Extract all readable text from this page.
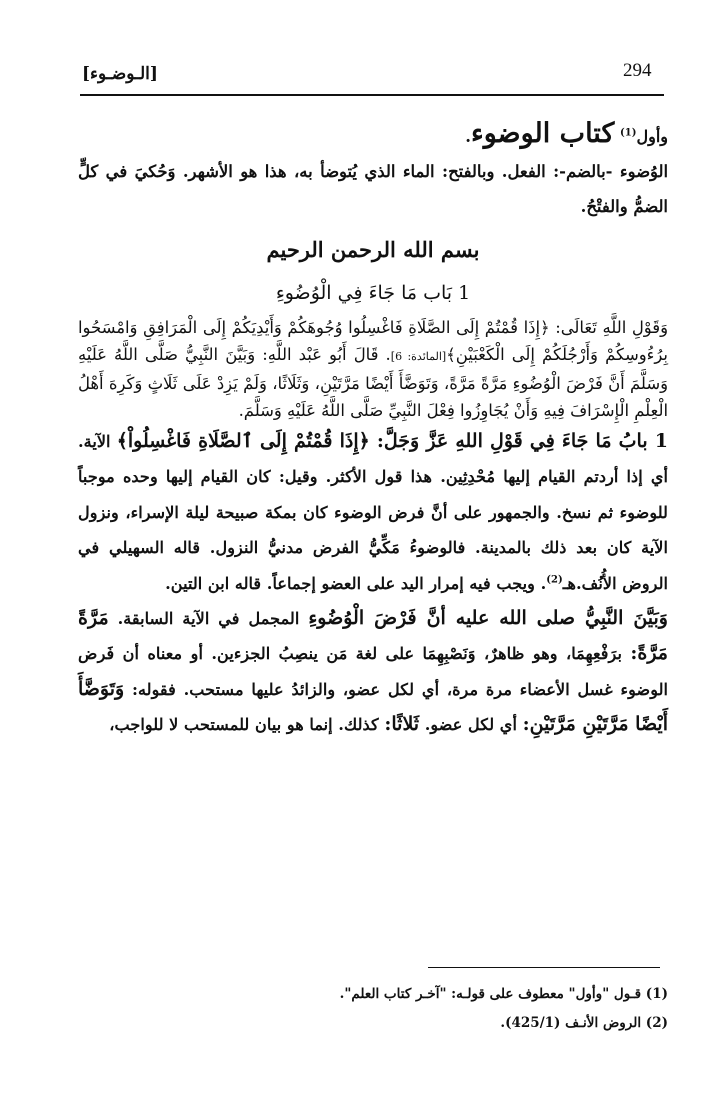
294
[الـوضـوء]

وأول$^{(1)}$ كتاب الوضوء.

الوُضوء -بالضم-: الفعل. وبالفتح: الماء الذي يُتوضأ به، هذا هو الأشهر. وَحُكيَ في كلٍّ الضمُّ والفتْحُ.

بسم الله الرحمن الرحيم

1 بَاب مَا جَاءَ فِي الْوُضُوءِ

وَقَوْلِ اللَّهِ تَعَالَى: ﴿إِذَا قُمْتُمْ إِلَى الصَّلَاةِ فَاغْسِلُوا وُجُوهَكُمْ وَأَيْدِيَكُمْ إِلَى الْمَرَافِقِ وَامْسَحُوا بِرُءُوسِكُمْ وَأَرْجُلَكُمْ إِلَى الْكَعْبَيْنِ﴾[المائدة: 6]. قَالَ أَبُو عَبْد اللَّهِ: وَبَيَّنَ النَّبِيُّ صَلَّى اللَّهُ عَلَيْهِ وَسَلَّمَ أَنَّ فَرْضَ الْوُضُوءِ مَرَّةً مَرَّةً، وَتَوَضَّأَ أَيْضًا مَرَّتَيْنِ، وَثَلَاثًا، وَلَمْ يَزِدْ عَلَى ثَلَاثٍ وَكَرِهَ أَهْلُ الْعِلْمِ الْإِسْرَافَ فِيهِ وَأَنْ يُجَاوِزُوا فِعْلَ النَّبِيِّ صَلَّى اللَّهُ عَلَيْهِ وَسَلَّمَ.

1 بابُ مَا جَاءَ فِي قَوْلِ اللهِ عَزَّ وَجَلَّ: ﴿إِذَا قُمْتُمْ إِلَى ٱلصَّلَاةِ فَاغْسِلُواْ﴾ الآية. أي إذا أردتم القيام إليها مُحْدِثِين. هذا قول الأكثر. وقيل: كان القيام إليها وحده موجباً للوضوء ثم نسخ. والجمهور على أنَّ فرض الوضوء كان بمكة صبيحة ليلة الإسراء، ونزول الآية كان بعد ذلك بالمدينة. فالوضوءُ مَكِّيُّ الفرض مدنيُّ النزول. قاله السهيلي في الروض الأُنُف.هـ$^{(2)}$. ويجب فيه إمرار اليد على العضو إجماعاً. قاله ابن التين.

وَبَيَّنَ النَّبِيُّ صلى الله عليه أنَّ فَرْضَ الْوُضُوءِ المجمل في الآية السابقة. مَرَّةً مَرَّةً: برَفْعِهِمَا، وهو ظاهرٌ، وَنَصْبِهِمَا على لغة مَن ينصِبُ الجزءين. أو معناه أن فَرض الوضوء غسل الأعضاء مرة مرة، أي لكل عضو، والزائدُ عليها مستحب. فقوله: وَتَوَضَّأَ أَيْضًا مَرَّتَيْنِ مَرَّتَيْنِ: أي لكل عضو. ثَلاثًا: كذلك. إنما هو بيان للمستحب لا للواجب،

(1) قـول "وأول" معطوف على قولـه: "آخـر كتاب العلم".

(2) الروض الأنـف (425/1).
